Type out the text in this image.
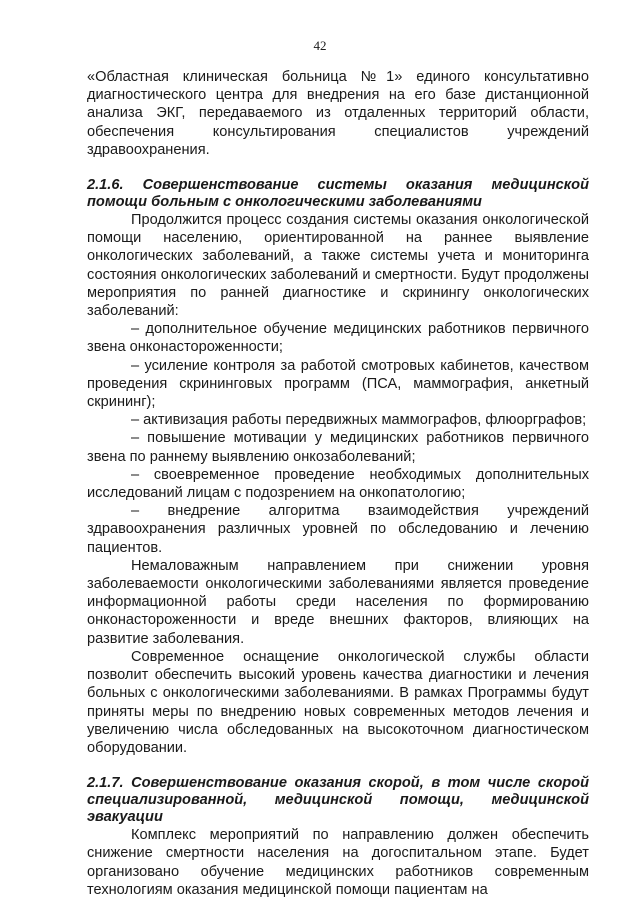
42

«Областная клиническая больница №1» единого консультативно диагностического центра для внедрения на его базе дистанционной анализа ЭКГ, передаваемого из отдаленных территорий области, обеспечения консультирования специалистов учреждений здравоохранения.

2.1.6. Совершенствование системы оказания медицинской помощи больным с онкологическими заболеваниями

Продолжится процесс создания системы оказания онкологической помощи населению, ориентированной на раннее выявление онкологических заболеваний, а также системы учета и мониторинга состояния онкологических заболеваний и смертности. Будут продолжены мероприятия по ранней диагностике и скринингу онкологических заболеваний:

– дополнительное обучение медицинских работников первичного звена онконастороженности;

– усиление контроля за работой смотровых кабинетов, качеством проведения скрининговых программ (ПСА, маммография, анкетный скрининг);

– активизация работы передвижных маммографов, флюорграфов;

– повышение мотивации у медицинских работников первичного звена по раннему выявлению онкозаболеваний;

– своевременное проведение необходимых дополнительных исследований лицам с подозрением на онкопатологию;

– внедрение алгоритма взаимодействия учреждений здравоохранения различных уровней по обследованию и лечению пациентов.

Немаловажным направлением при снижении уровня заболеваемости онкологическими заболеваниями является проведение информационной работы среди населения по формированию онконастороженности и вреде внешних факторов, влияющих на развитие заболевания.

Современное оснащение онкологической службы области позволит обеспечить высокий уровень качества диагностики и лечения больных с онкологическими заболеваниями. В рамках Программы будут приняты меры по внедрению новых современных методов лечения и увеличению числа обследованных на высокоточном диагностическом оборудовании.

2.1.7. Совершенствование оказания скорой, в том числе скорой специализированной, медицинской помощи, медицинской эвакуации

Комплекс мероприятий по направлению должен обеспечить снижение смертности населения на догоспитальном этапе. Будет организовано обучение медицинских работников современным технологиям оказания медицинской помощи пациентам на
